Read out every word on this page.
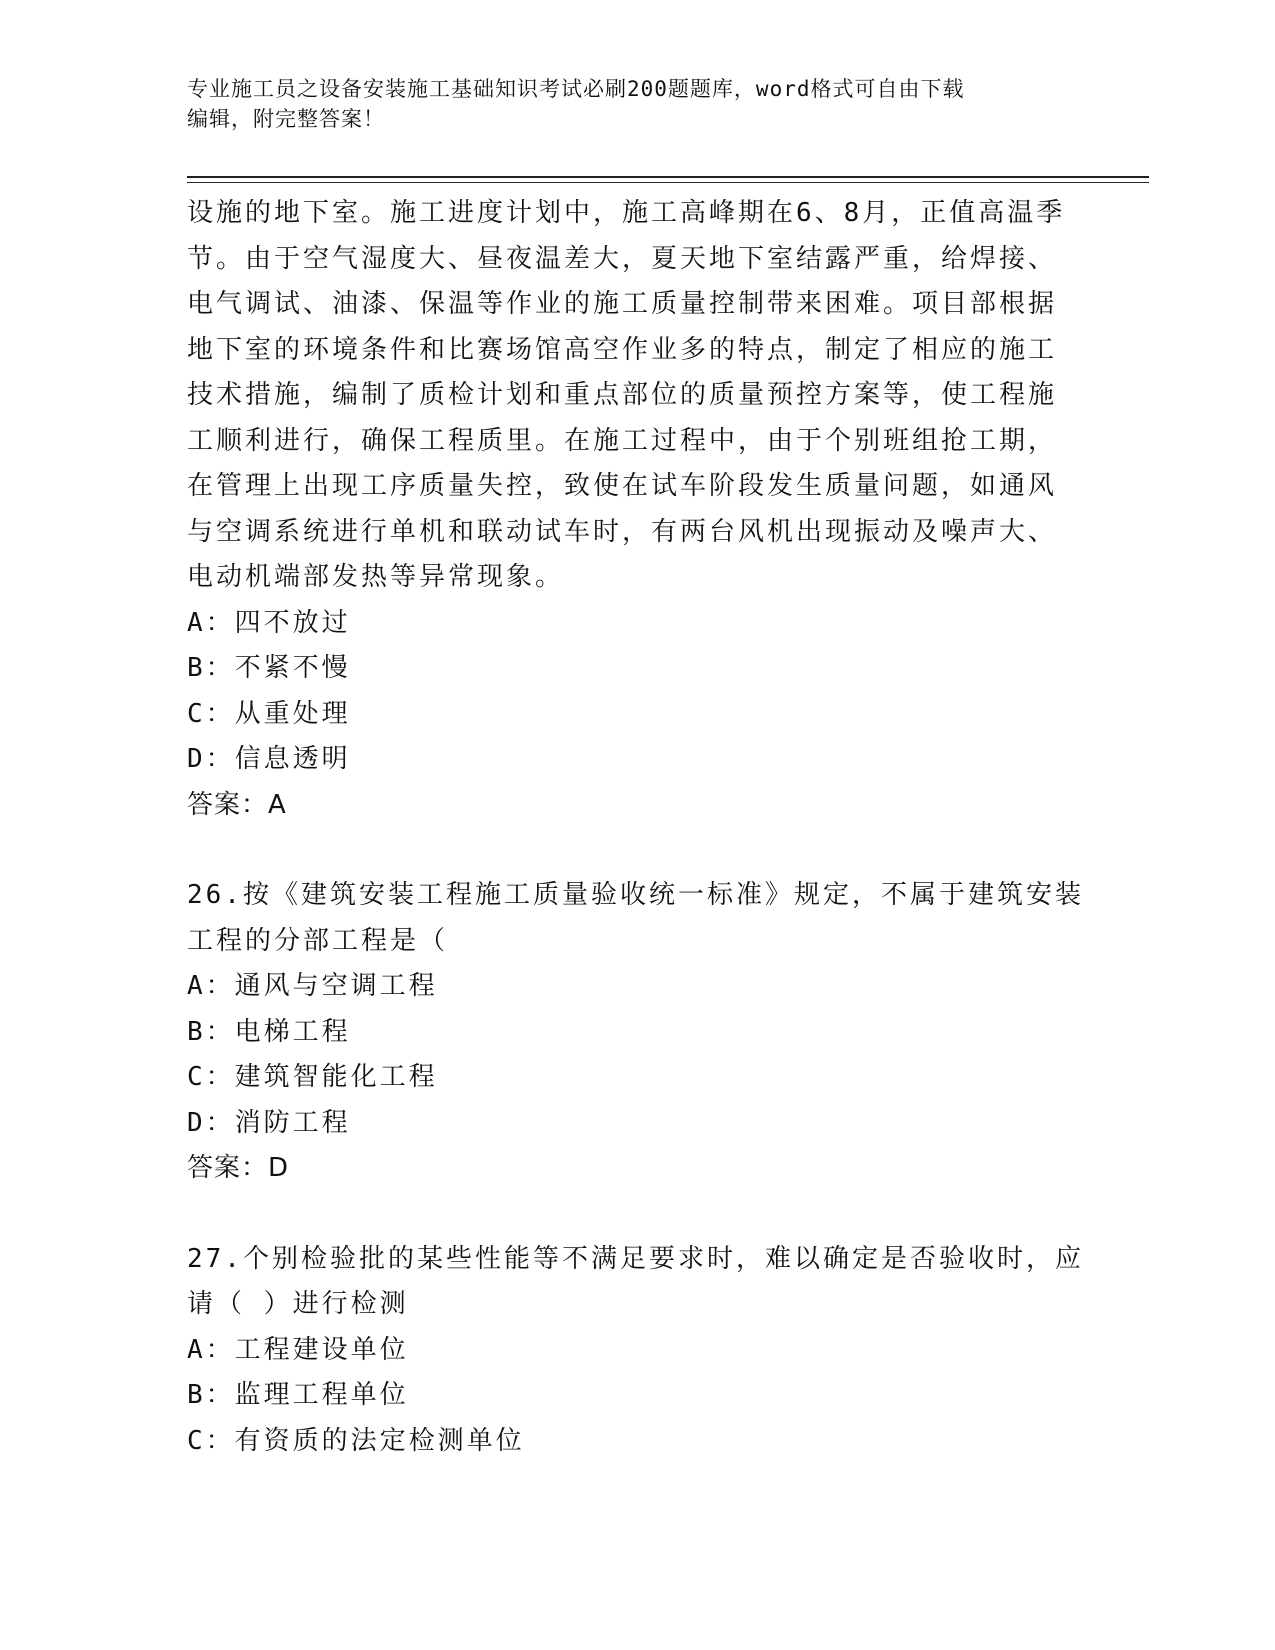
专业施工员之设备安装施工基础知识考试必刷200题题库，word格式可自由下载
编辑，附完整答案！
设施的地下室。施工进度计划中，施工高峰期在6、8月，正值高温季
节。由于空气湿度大、昼夜温差大，夏天地下室结露严重，给焊接、
电气调试、油漆、保温等作业的施工质量控制带来困难。项目部根据
地下室的环境条件和比赛场馆高空作业多的特点，制定了相应的施工
技术措施，编制了质检计划和重点部位的质量预控方案等，使工程施
工顺利进行，确保工程质里。在施工过程中，由于个别班组抢工期，
在管理上出现工序质量失控，致使在试车阶段发生质量问题，如通风
与空调系统进行单机和联动试车时，有两台风机出现振动及噪声大、
电动机端部发热等异常现象。
A：四不放过
B：不紧不慢
C：从重处理
D：信息透明
答案：A
26.按《建筑安装工程施工质量验收统一标准》规定，不属于建筑安装
工程的分部工程是（
A：通风与空调工程
B：电梯工程
C：建筑智能化工程
D：消防工程
答案：D
27.个别检验批的某些性能等不满足要求时，难以确定是否验收时，应
请（ ）进行检测
A：工程建设单位
B：监理工程单位
C：有资质的法定检测单位
